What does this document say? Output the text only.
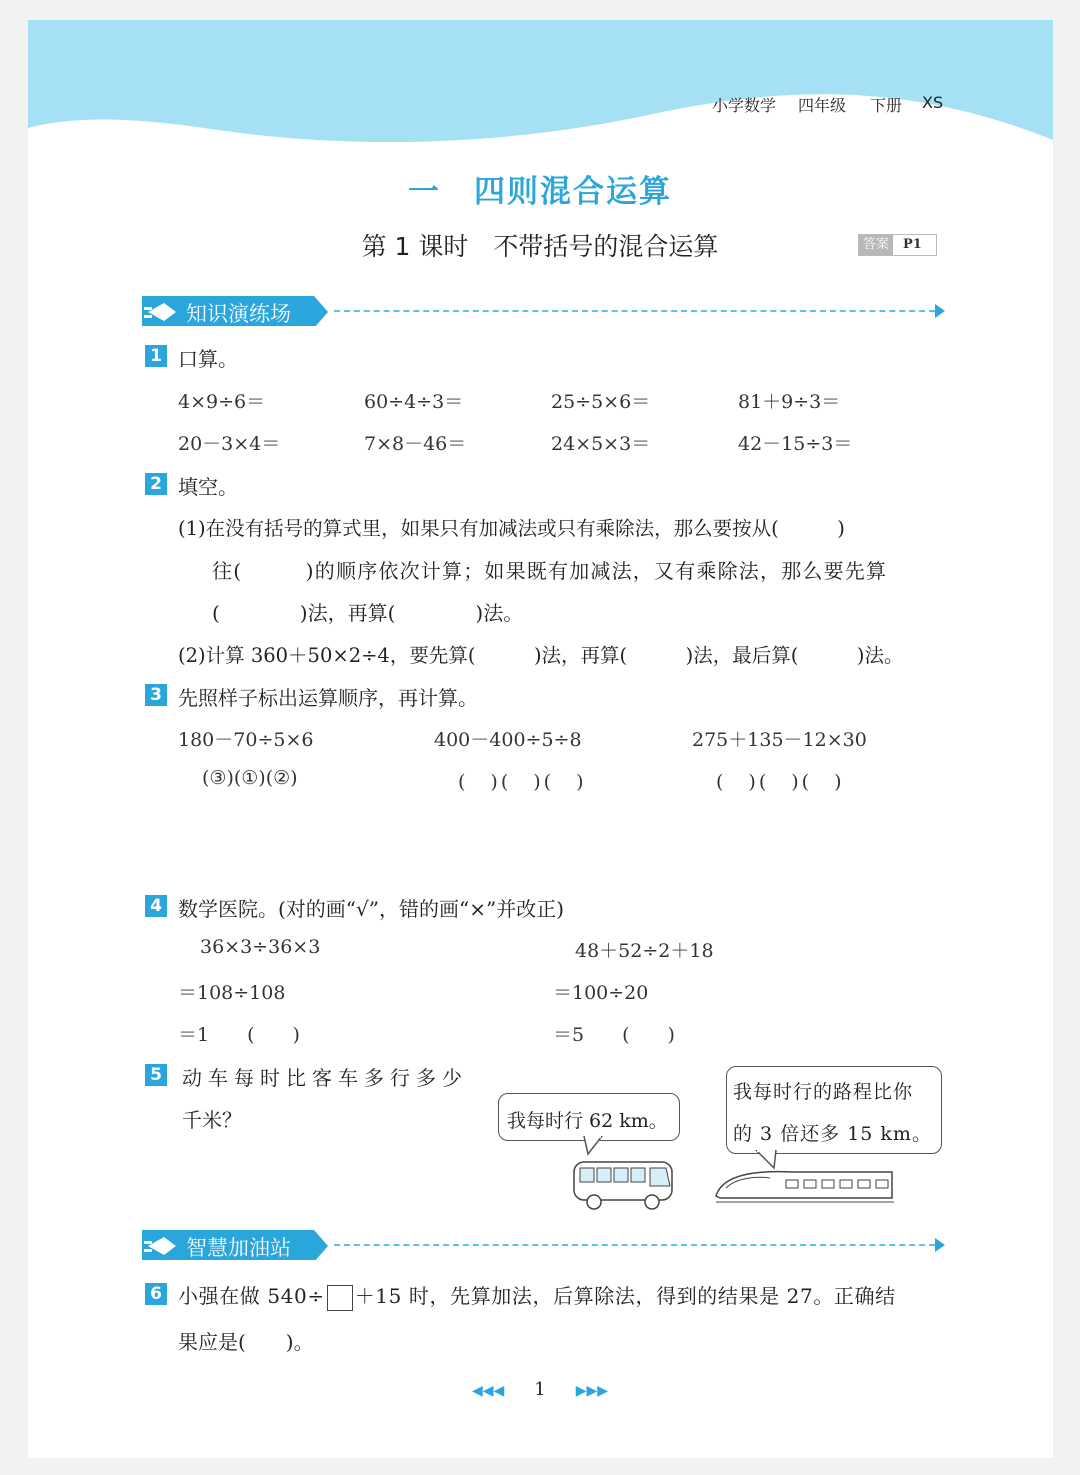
小学数学 四年级 下册 XS
一　四则混合运算
第 1 课时　不带括号的混合运算	答案	P1
知识演练场
1 口算。
4×9÷6＝	60÷4÷3＝	25÷5×6＝	81＋9÷3＝
20－3×4＝	7×8－46＝	24×5×3＝	42－15÷3＝
2 填空。
(1)在没有括号的算式里，如果只有加减法或只有乘除法，那么要按从(　　　)
往(　　　)的顺序依次计算；如果既有加减法，又有乘除法，那么要先算
(　　　　)法，再算(　　　　)法。
(2)计算 360＋50×2÷4，要先算(　　　)法，再算(　　　)法，最后算(　　　)法。
3 先照样子标出运算顺序，再计算。
180－70÷5×6	400－400÷5÷8	275＋135－12×30
(③)(①)(②)	(　)(　)(　)	(　)(　)(　)
4 数学医院。(对的画“√”，错的画“×”并改正)
36×3÷36×3
＝108÷108
＝1　　(　　)
48＋52÷2＋18
＝100÷20
＝5　　(　　)
5 动车每时比客车多行多少
千米？	我每时行 62 km。
我每时行的路程比你
的 3 倍还多 15 km。
智慧加油站
6 小强在做 540÷ ＋15 时，先算加法，后算除法，得到的结果是 27。正确结
果应是(　　)。
◀◀◀ 1 ▶▶▶
